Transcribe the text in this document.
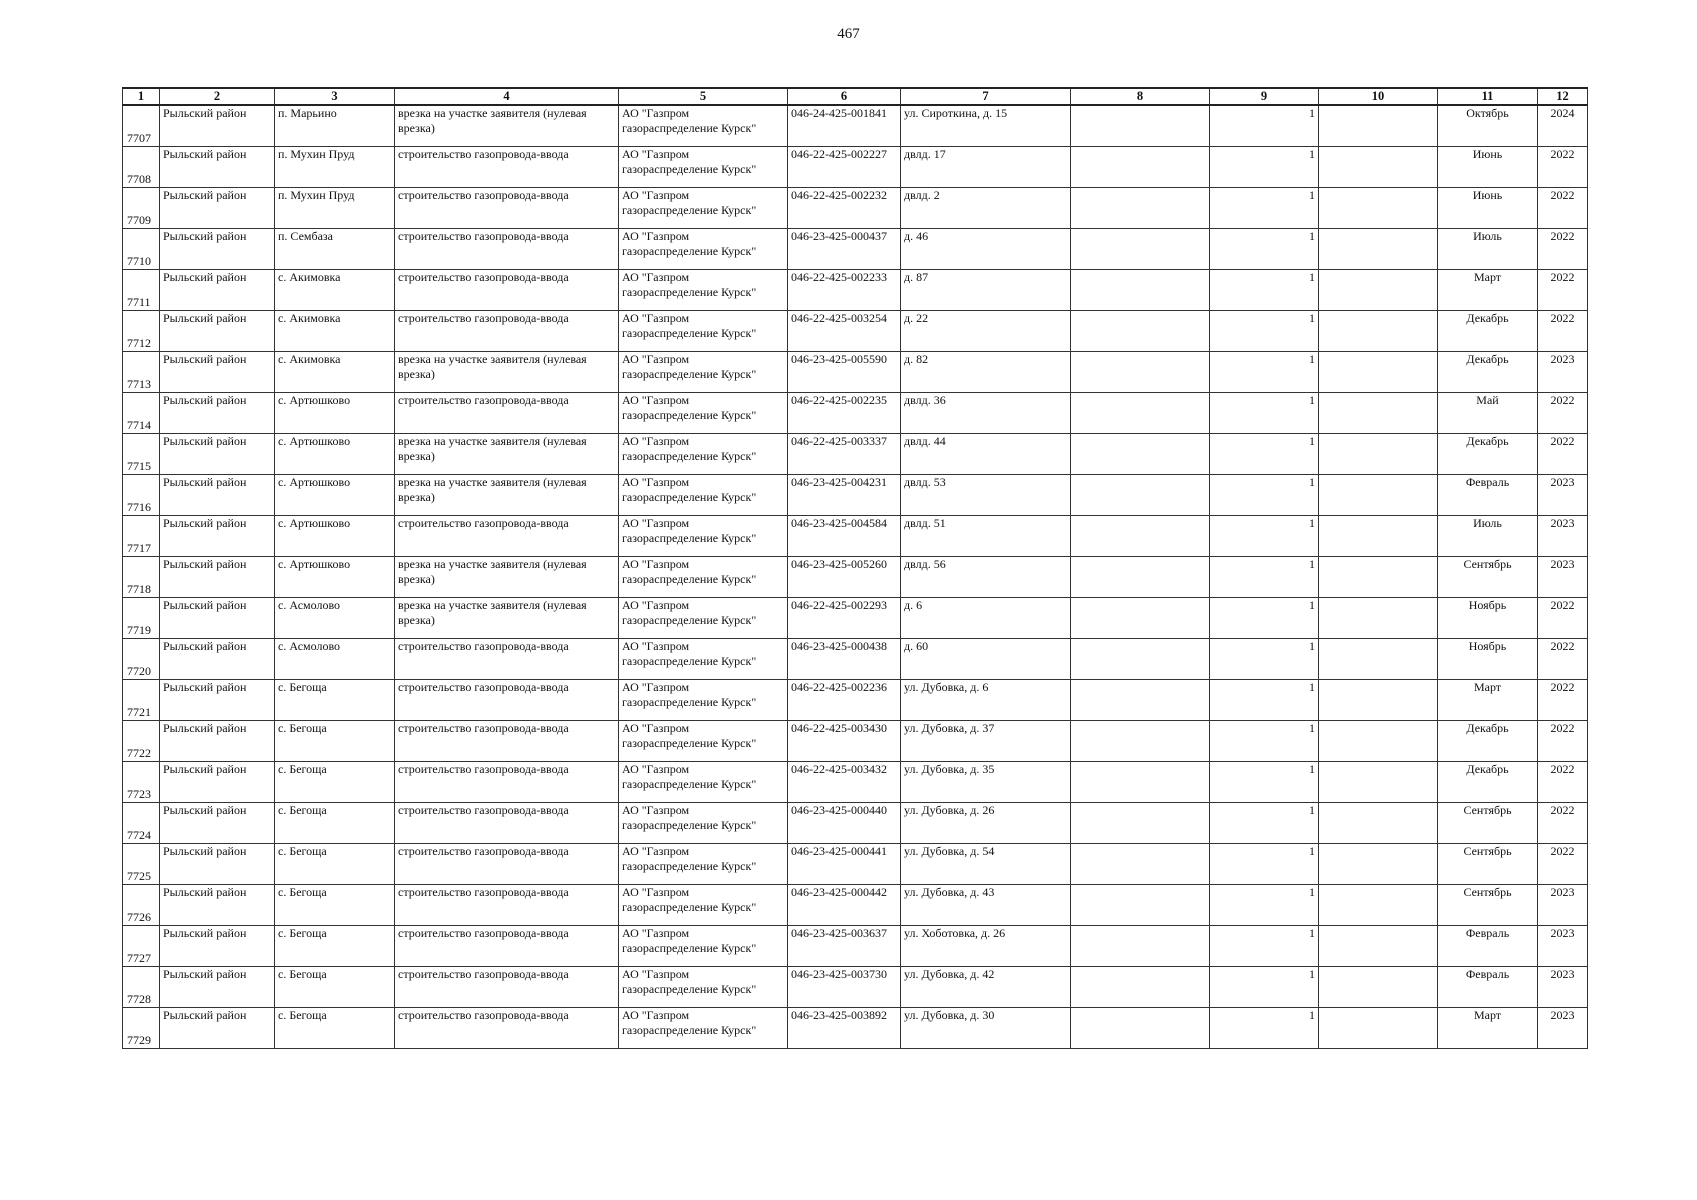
467
1	2	3	4	5	6	7	8	9	10	11	12
7707	Рыльский район	п. Марьино	врезка на участке заявителя (нулевая врезка)	АО "Газпром газораспределение Курск"	046-24-425-001841	ул. Сироткина, д. 15		1		Октябрь	2024
7708	Рыльский район	п. Мухин Пруд	строительство газопровода-ввода	АО "Газпром газораспределение Курск"	046-22-425-002227	двлд. 17		1		Июнь	2022
7709	Рыльский район	п. Мухин Пруд	строительство газопровода-ввода	АО "Газпром газораспределение Курск"	046-22-425-002232	двлд. 2		1		Июнь	2022
7710	Рыльский район	п. Сембаза	строительство газопровода-ввода	АО "Газпром газораспределение Курск"	046-23-425-000437	д. 46		1		Июль	2022
7711	Рыльский район	с. Акимовка	строительство газопровода-ввода	АО "Газпром газораспределение Курск"	046-22-425-002233	д. 87		1		Март	2022
7712	Рыльский район	с. Акимовка	строительство газопровода-ввода	АО "Газпром газораспределение Курск"	046-22-425-003254	д. 22		1		Декабрь	2022
7713	Рыльский район	с. Акимовка	врезка на участке заявителя (нулевая врезка)	АО "Газпром газораспределение Курск"	046-23-425-005590	д. 82		1		Декабрь	2023
7714	Рыльский район	с. Артюшково	строительство газопровода-ввода	АО "Газпром газораспределение Курск"	046-22-425-002235	двлд. 36		1		Май	2022
7715	Рыльский район	с. Артюшково	врезка на участке заявителя (нулевая врезка)	АО "Газпром газораспределение Курск"	046-22-425-003337	двлд. 44		1		Декабрь	2022
7716	Рыльский район	с. Артюшково	врезка на участке заявителя (нулевая врезка)	АО "Газпром газораспределение Курск"	046-23-425-004231	двлд. 53		1		Февраль	2023
7717	Рыльский район	с. Артюшково	строительство газопровода-ввода	АО "Газпром газораспределение Курск"	046-23-425-004584	двлд. 51		1		Июль	2023
7718	Рыльский район	с. Артюшково	врезка на участке заявителя (нулевая врезка)	АО "Газпром газораспределение Курск"	046-23-425-005260	двлд. 56		1		Сентябрь	2023
7719	Рыльский район	с. Асмолово	врезка на участке заявителя (нулевая врезка)	АО "Газпром газораспределение Курск"	046-22-425-002293	д. 6		1		Ноябрь	2022
7720	Рыльский район	с. Асмолово	строительство газопровода-ввода	АО "Газпром газораспределение Курск"	046-23-425-000438	д. 60		1		Ноябрь	2022
7721	Рыльский район	с. Бегоща	строительство газопровода-ввода	АО "Газпром газораспределение Курск"	046-22-425-002236	ул. Дубовка, д. 6		1		Март	2022
7722	Рыльский район	с. Бегоща	строительство газопровода-ввода	АО "Газпром газораспределение Курск"	046-22-425-003430	ул. Дубовка, д. 37		1		Декабрь	2022
7723	Рыльский район	с. Бегоща	строительство газопровода-ввода	АО "Газпром газораспределение Курск"	046-22-425-003432	ул. Дубовка, д. 35		1		Декабрь	2022
7724	Рыльский район	с. Бегоща	строительство газопровода-ввода	АО "Газпром газораспределение Курск"	046-23-425-000440	ул. Дубовка, д. 26		1		Сентябрь	2022
7725	Рыльский район	с. Бегоща	строительство газопровода-ввода	АО "Газпром газораспределение Курск"	046-23-425-000441	ул. Дубовка, д. 54		1		Сентябрь	2022
7726	Рыльский район	с. Бегоща	строительство газопровода-ввода	АО "Газпром газораспределение Курск"	046-23-425-000442	ул. Дубовка, д. 43		1		Сентябрь	2023
7727	Рыльский район	с. Бегоща	строительство газопровода-ввода	АО "Газпром газораспределение Курск"	046-23-425-003637	ул. Хоботовка, д. 26		1		Февраль	2023
7728	Рыльский район	с. Бегоща	строительство газопровода-ввода	АО "Газпром газораспределение Курск"	046-23-425-003730	ул. Дубовка, д. 42		1		Февраль	2023
7729	Рыльский район	с. Бегоща	строительство газопровода-ввода	АО "Газпром газораспределение Курск"	046-23-425-003892	ул. Дубовка, д. 30		1		Март	2023
